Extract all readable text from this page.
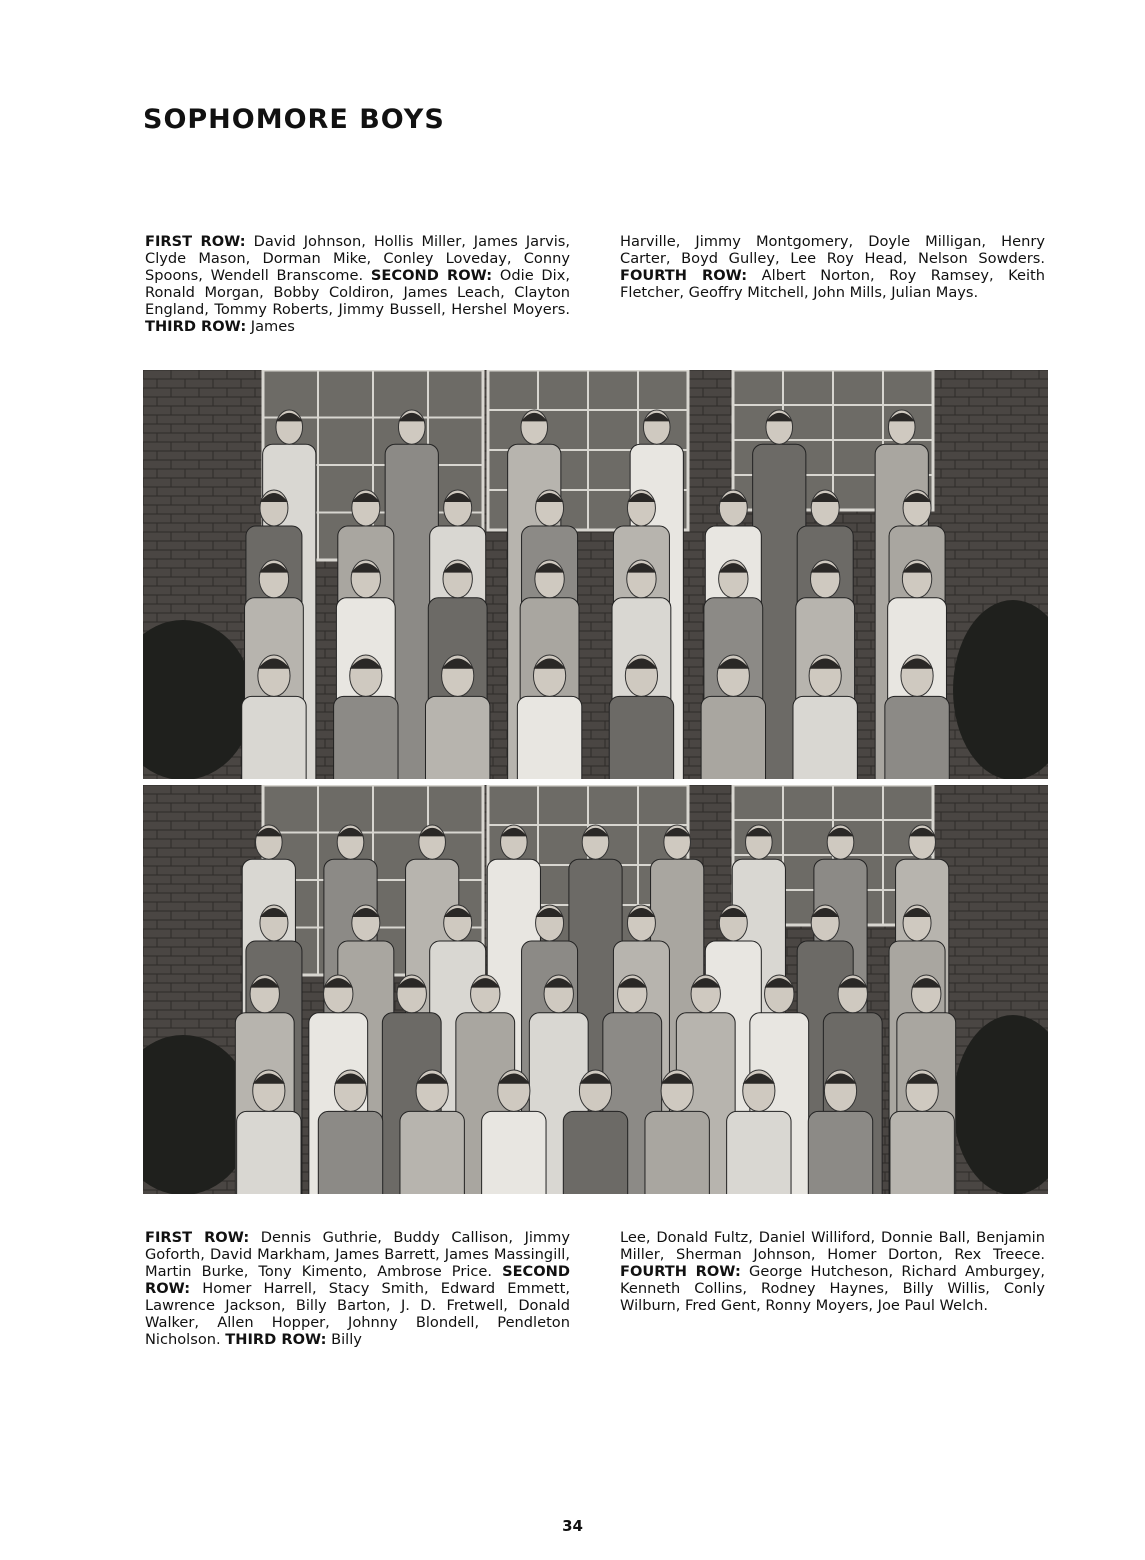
SOPHOMORE BOYS
FIRST ROW: David Johnson, Hollis Miller, James Jarvis, Clyde Mason, Dorman Mike, Conley Loveday, Conny Spoons, Wendell Branscome. SECOND ROW: Odie Dix, Ronald Morgan, Bobby Coldiron, James Leach, Clayton England, Tommy Roberts, Jimmy Bussell, Hershel Moyers. THIRD ROW: James
Harville, Jimmy Montgomery, Doyle Milligan, Henry Carter, Boyd Gulley, Lee Roy Head, Nelson Sowders. FOURTH ROW: Albert Norton, Roy Ramsey, Keith Fletcher, Geoffry Mitchell, John Mills, Julian Mays.
FIRST ROW: Dennis Guthrie, Buddy Callison, Jimmy Goforth, David Markham, James Barrett, James Massingill, Martin Burke, Tony Kimento, Ambrose Price. SECOND ROW: Homer Harrell, Stacy Smith, Edward Emmett, Lawrence Jackson, Billy Barton, J. D. Fretwell, Donald Walker, Allen Hopper, Johnny Blondell, Pendleton Nicholson. THIRD ROW: Billy
Lee, Donald Fultz, Daniel Williford, Donnie Ball, Benjamin Miller, Sherman Johnson, Homer Dorton, Rex Treece. FOURTH ROW: George Hutcheson, Richard Amburgey, Kenneth Collins, Rodney Haynes, Billy Willis, Conly Wilburn, Fred Gent, Ronny Moyers, Joe Paul Welch.
34
